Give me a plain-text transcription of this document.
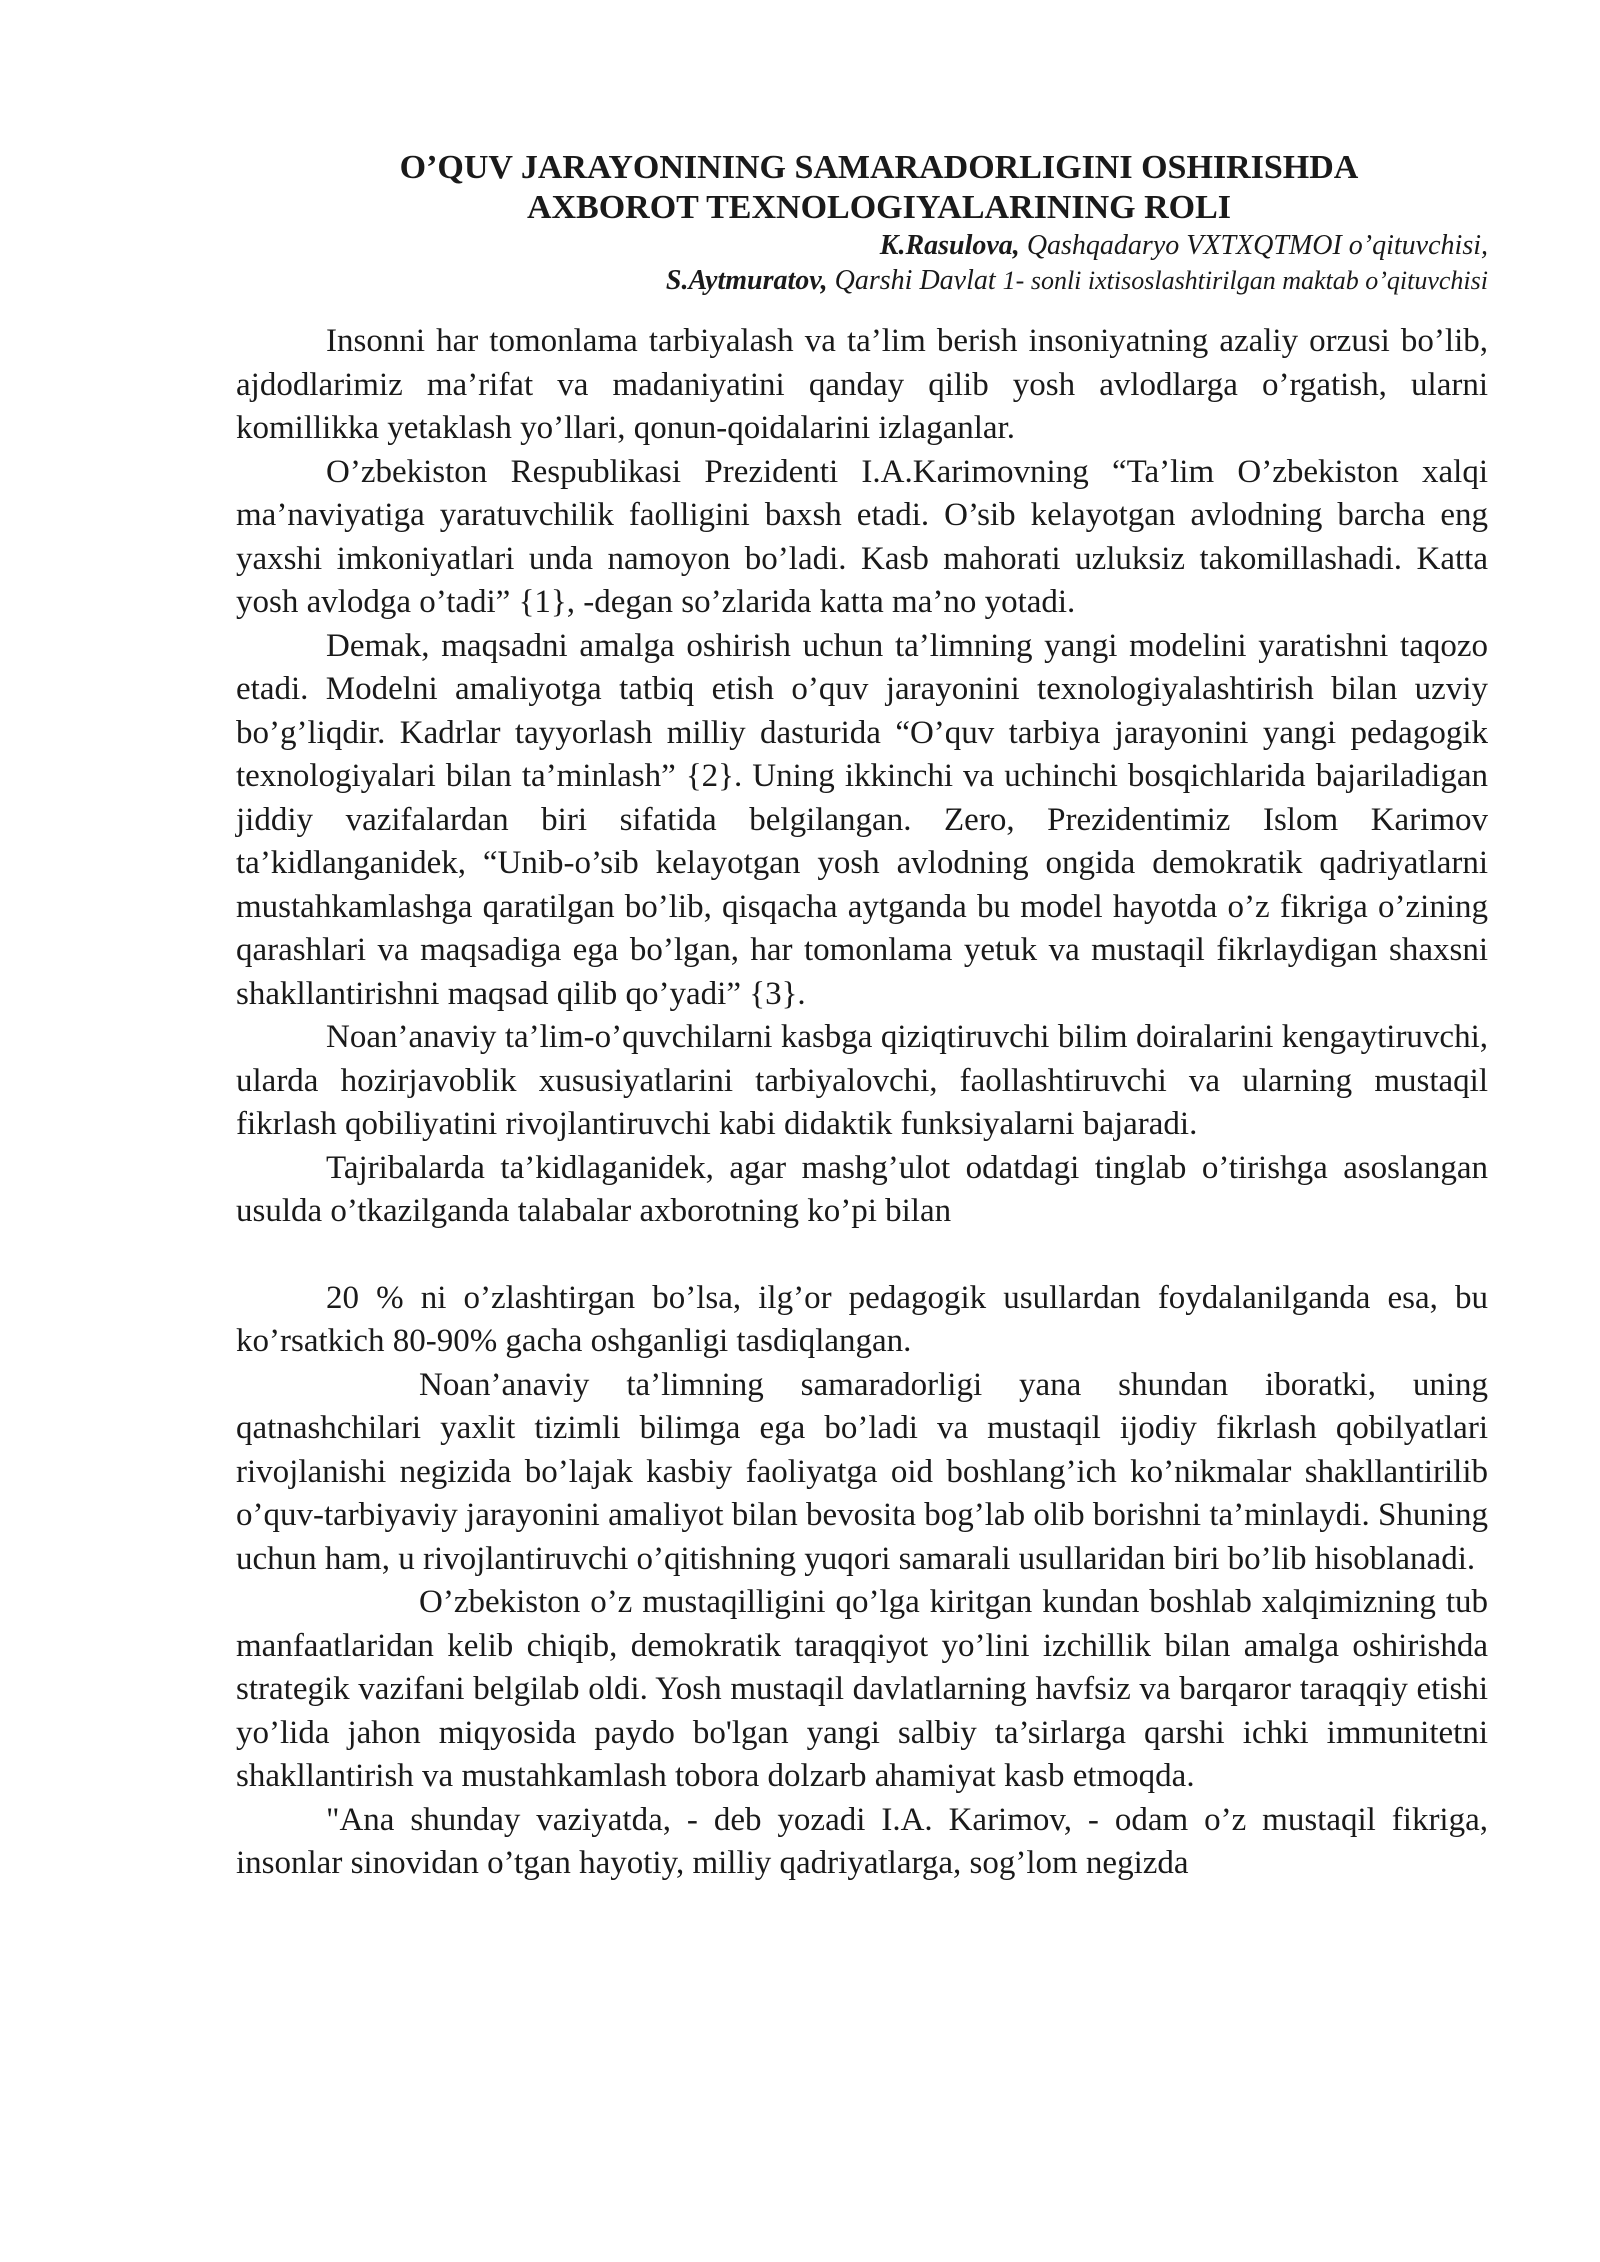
O’QUV JARAYONINING SAMARADORLIGINI OSHIRISHDA
AXBOROT TEXNOLOGIYALARINING ROLI
K.Rasulova, Qashqadaryo VXTXQTMOI o’qituvchisi,
S.Aytmuratov, Qarshi Davlat 1- sonli ixtisoslashtirilgan maktab o’qituvchisi

Insonni har tomonlama tarbiyalash va ta’lim berish insoniyatning azaliy orzusi bo’lib, ajdodlarimiz ma’rifat va madaniyatini qanday qilib yosh avlodlarga o’rgatish, ularni komillikka yetaklash yo’llari, qonun-qoidalarini izlaganlar.

O’zbekiston Respublikasi Prezidenti I.A.Karimovning “Ta’lim O’zbekiston xalqi ma’naviyatiga yaratuvchilik faolligini baxsh etadi. O’sib kelayotgan avlodning barcha eng yaxshi imkoniyatlari unda namoyon bo’ladi. Kasb mahorati uzluksiz takomillashadi. Katta yosh avlodga o’tadi” {1}, -degan so’zlarida katta ma’no yotadi.

Demak, maqsadni amalga oshirish uchun ta’limning yangi modelini yaratishni taqozo etadi. Modelni amaliyotga tatbiq etish o’quv jarayonini texnologiyalashtirish bilan uzviy bo’g’liqdir. Kadrlar tayyorlash milliy dasturida “O’quv tarbiya jarayonini yangi pedagogik texnologiyalari bilan ta’minlash” {2}. Uning ikkinchi va uchinchi bosqichlarida bajariladigan jiddiy vazifalardan biri sifatida belgilangan. Zero, Prezidentimiz Islom Karimov ta’kidlanganidek, “Unib-o’sib kelayotgan yosh avlodning ongida demokratik qadriyatlarni mustahkamlashga qaratilgan bo’lib, qisqacha aytganda bu model hayotda o’z fikriga o’zining qarashlari va maqsadiga ega bo’lgan, har tomonlama yetuk va mustaqil fikrlaydigan shaxsni shakllantirishni maqsad qilib qo’yadi” {3}.

Noan’anaviy ta’lim-o’quvchilarni kasbga qiziqtiruvchi bilim doiralarini kengaytiruvchi, ularda hozirjavoblik xususiyatlarini tarbiyalovchi, faollashtiruvchi va ularning mustaqil fikrlash qobiliyatini rivojlantiruvchi kabi didaktik funksiyalarni bajaradi.

Tajribalarda ta’kidlaganidek, agar mashg’ulot odatdagi tinglab o’tirishga asoslangan usulda o’tkazilganda talabalar axborotning ko’pi bilan

20 % ni o’zlashtirgan bo’lsa, ilg’or pedagogik usullardan foydalanilganda esa, bu ko’rsatkich 80-90% gacha oshganligi tasdiqlangan.

Noan’anaviy ta’limning samaradorligi yana shundan iboratki, uning qatnashchilari yaxlit tizimli bilimga ega bo’ladi va mustaqil ijodiy fikrlash qobilyatlari rivojlanishi negizida bo’lajak kasbiy faoliyatga oid boshlang’ich ko’nikmalar shakllantirilib o’quv-tarbiyaviy jarayonini amaliyot bilan bevosita bog’lab olib borishni ta’minlaydi. Shuning uchun ham, u rivojlantiruvchi o’qitishning yuqori samarali usullaridan biri bo’lib hisoblanadi.

O’zbekiston o’z mustaqilligini qo’lga kiritgan kundan boshlab xalqimizning tub manfaatlaridan kelib chiqib, demokratik taraqqiyot yo’lini izchillik bilan amalga oshirishda strategik vazifani belgilab oldi. Yosh mustaqil davlatlarning havfsiz va barqaror taraqqiy etishi yo’lida jahon miqyosida paydo bo'lgan yangi salbiy ta’sirlarga qarshi ichki immunitetni shakllantirish va mustahkamlash tobora dolzarb ahamiyat kasb etmoqda.

"Ana shunday vaziyatda, - deb yozadi I.A. Karimov, - odam o’z mustaqil fikriga, insonlar sinovidan o’tgan hayotiy, milliy qadriyatlarga, sog’lom negizda
